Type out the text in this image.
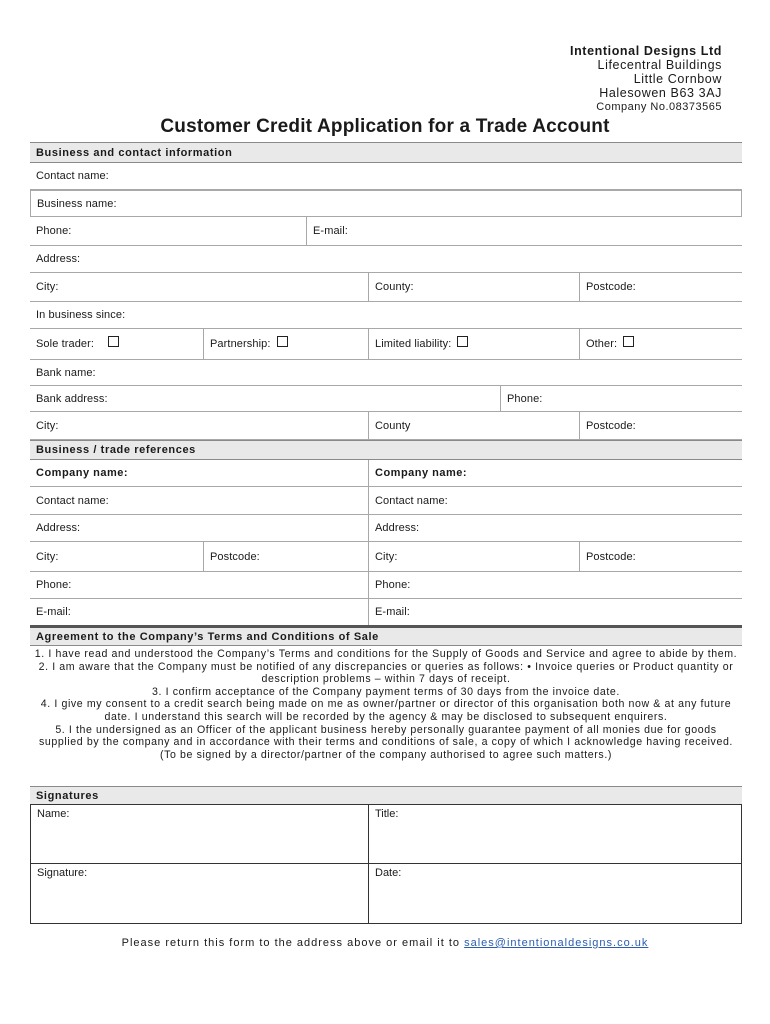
Intentional Designs Ltd
Lifecentral Buildings
Little Cornbow
Halesowen B63 3AJ
Company No.08373565
Customer Credit Application for a Trade Account
Business and contact information
Contact name:
Business name:
Phone:	E-mail:
Address:
City:	County:	Postcode:
In business since:
Sole trader:	Partnership:	Limited liability:	Other:
Bank name:
Bank address:	Phone:
City:	County	Postcode:
Business / trade references
Company name:	Company name:
Contact name:	Contact name:
Address:	Address:
City:	Postcode:	City:	Postcode:
Phone:	Phone:
E-mail:	E-mail:
Agreement to the Company’s Terms and Conditions of Sale

1. I have read and understood the Company’s Terms and conditions for the Supply of Goods and Service and agree to abide by them.

2. I am aware that the Company must be notified of any discrepancies or queries as follows: • Invoice queries or Product quantity or description problems – within 7 days of receipt.

3. I confirm acceptance of the Company payment terms of 30 days from the invoice date.

4. I give my consent to a credit search being made on me as owner/partner or director of this organisation both now & at any future date. I understand this search will be recorded by the agency & may be disclosed to subsequent enquirers.

5. I the undersigned as an Officer of the applicant business hereby personally guarantee payment of all monies due for goods supplied by the company and in accordance with their terms and conditions of sale, a copy of which I acknowledge having received. (To be signed by a director/partner of the company authorised to agree such matters.)

Signatures
Name:	Title:
Signature:	Date:
Please return this form to the address above or email it to sales@intentionaldesigns.co.uk
